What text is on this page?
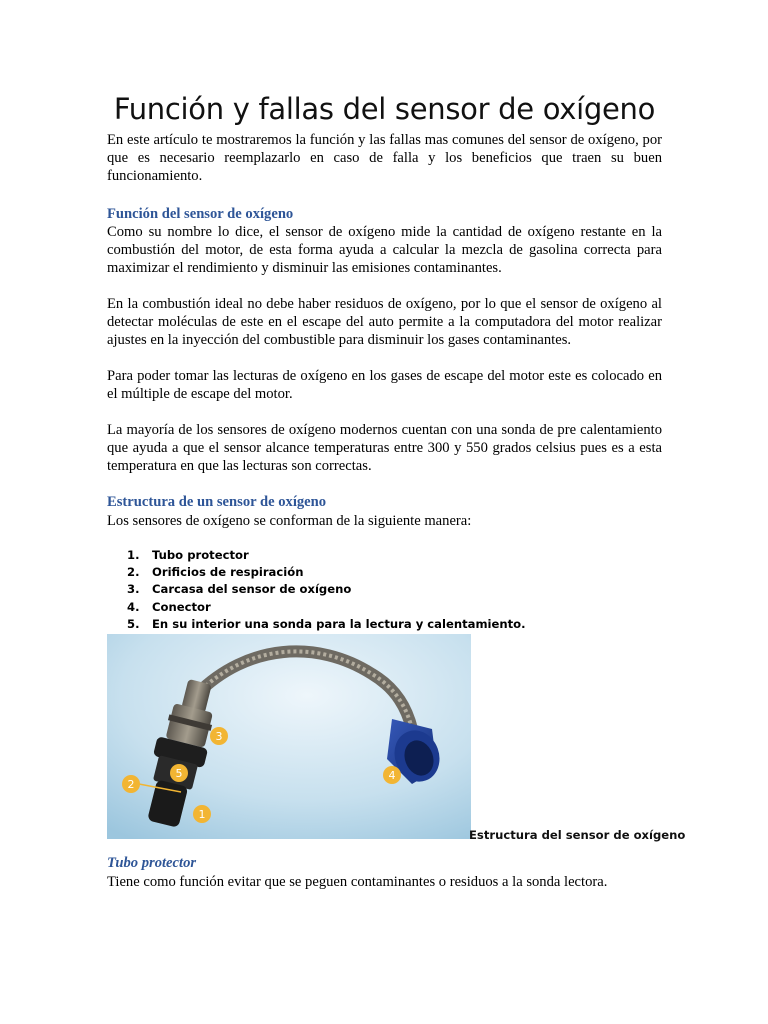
Función y fallas del sensor de oxígeno

En este artículo te mostraremos la función y las fallas mas comunes del sensor de oxígeno, por que es necesario reemplazarlo en caso de falla y los beneficios que traen su buen funcionamiento.

Función del sensor de oxígeno

Como su nombre lo dice, el sensor de oxígeno mide la cantidad de oxígeno restante en la combustión del motor, de esta forma ayuda a calcular la mezcla de gasolina correcta para maximizar el rendimiento y disminuir las emisiones contaminantes.

En la combustión ideal no debe haber residuos de oxígeno, por lo que el sensor de oxígeno al detectar moléculas de este en el escape del auto permite a la computadora del motor realizar ajustes en la inyección del combustible para disminuir los gases contaminantes.

Para poder tomar las lecturas de oxígeno en los gases de escape del motor este es colocado en el múltiple de escape del motor.

La mayoría de los sensores de oxígeno modernos cuentan con una sonda de pre calentamiento que ayuda a que el sensor alcance temperaturas entre 300 y 550 grados celsius pues es a esta temperatura en que las lecturas son correctas.

Estructura de un sensor de oxígeno

Los sensores de oxígeno se conforman de la siguiente manera:

1.	Tubo protector
2.	Orificios de respiración
3.	Carcasa del sensor de oxígeno
4.	Conector
5.	En su interior una sonda para la lectura y calentamiento.
1
2
3
4
5
Estructura del sensor de oxígeno
Tubo protector

Tiene como función evitar que se peguen contaminantes o residuos a la sonda lectora.
